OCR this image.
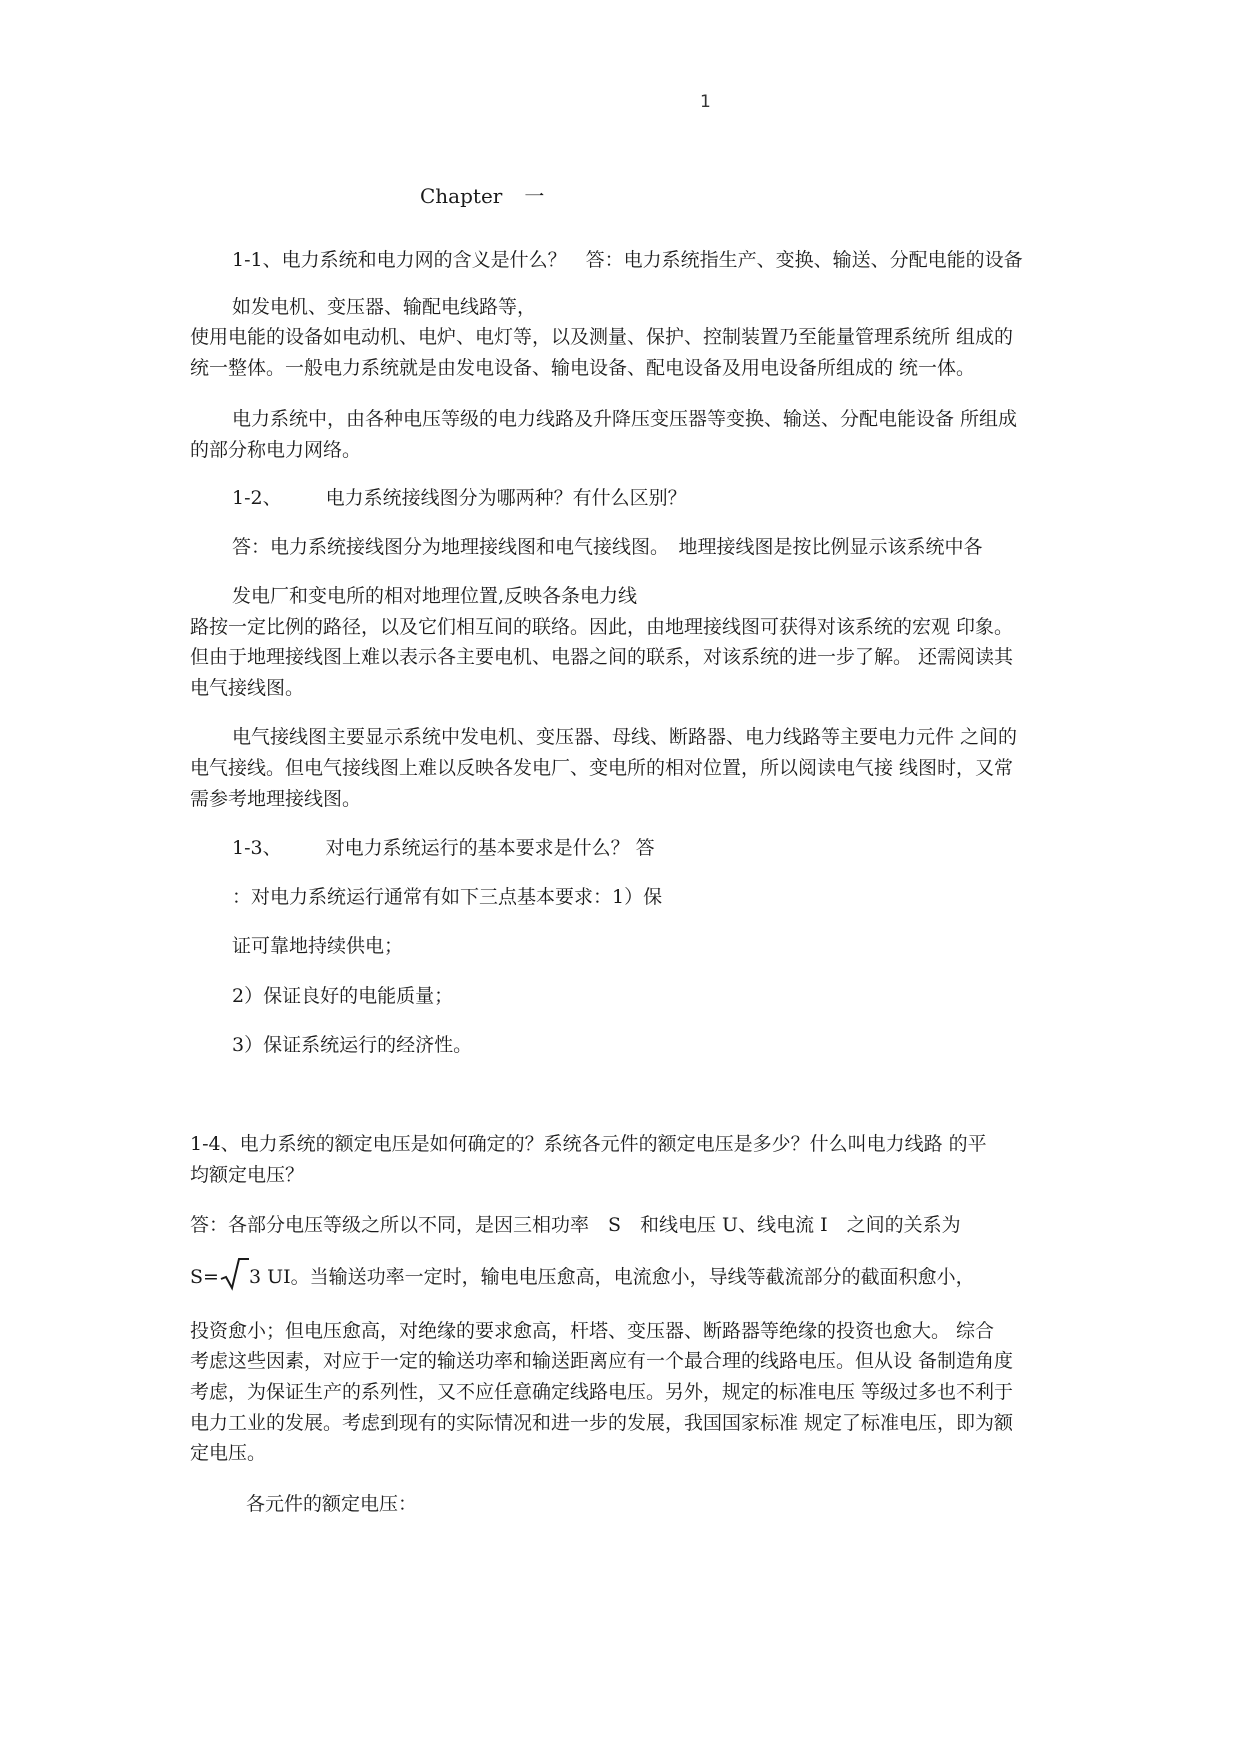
1
Chapter 一
1-1、电力系统和电力网的含义是什么？　答：电力系统指生产、变换、输送、分配电能的设备
如发电机、变压器、输配电线路等，
使用电能的设备如电动机、电炉、电灯等，以及测量、保护、控制装置乃至能量管理系统所 组成的
统一整体。一般电力系统就是由发电设备、输电设备、配电设备及用电设备所组成的 统一体。
电力系统中，由各种电压等级的电力线路及升降压变压器等变换、输送、分配电能设备 所组成
的部分称电力网络。
1-2、 电力系统接线图分为哪两种？有什么区别？
答：电力系统接线图分为地理接线图和电气接线图。　地理接线图是按比例显示该系统中各
发电厂和变电所的相对地理位置,反映各条电力线
路按一定比例的路径，以及它们相互间的联络。因此，由地理接线图可获得对该系统的宏观 印象。
但由于地理接线图上难以表示各主要电机、电器之间的联系，对该系统的进一步了解。 还需阅读其
电气接线图。
电气接线图主要显示系统中发电机、变压器、母线、断路器、电力线路等主要电力元件 之间的
电气接线。但电气接线图上难以反映各发电厂、变电所的相对位置，所以阅读电气接 线图时，又常
需参考地理接线图。
1-3、 对电力系统运行的基本要求是什么？ 答
：对电力系统运行通常有如下三点基本要求：1）保
证可靠地持续供电；
2）保证良好的电能质量；
3）保证系统运行的经济性。
1-4、电力系统的额定电压是如何确定的？系统各元件的额定电压是多少？什么叫电力线路 的平
均额定电压？
答：各部分电压等级之所以不同，是因三相功率　S　和线电压 U、线电流 I　之间的关系为
S= 3 UI。当输送功率一定时，输电电压愈高，电流愈小，导线等截流部分的截面积愈小，
投资愈小；但电压愈高，对绝缘的要求愈高，杆塔、变压器、断路器等绝缘的投资也愈大。 综合
考虑这些因素，对应于一定的输送功率和输送距离应有一个最合理的线路电压。但从设 备制造角度
考虑，为保证生产的系列性，又不应任意确定线路电压。另外，规定的标准电压 等级过多也不利于
电力工业的发展。考虑到现有的实际情况和进一步的发展，我国国家标准 规定了标准电压，即为额
定电压。
各元件的额定电压：
